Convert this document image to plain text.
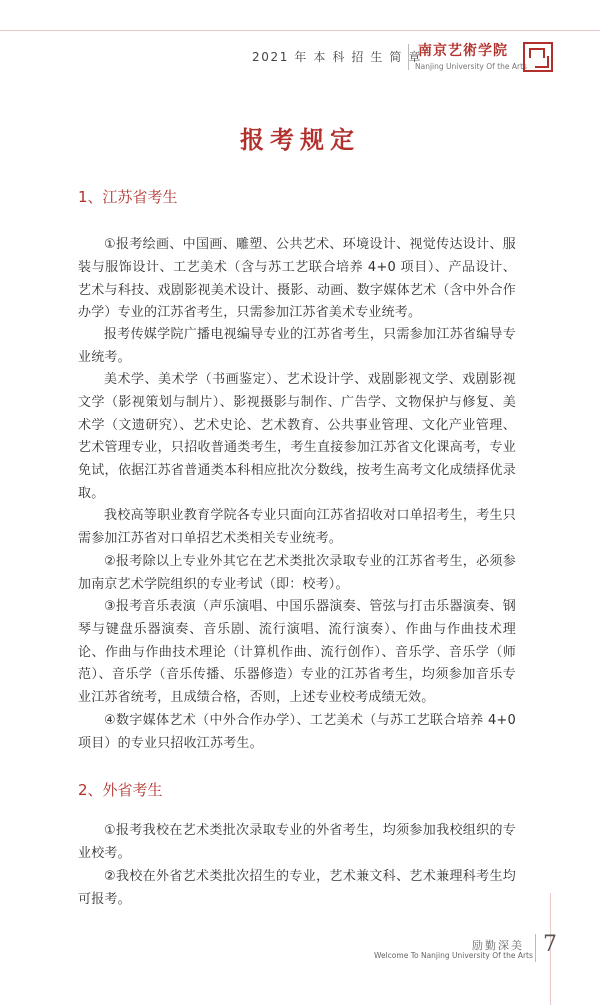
2021 年 本 科 招 生 简 章
南京艺術学院
Nanjing University Of the Arts
报考规定
1、江苏省考生

①报考绘画、中国画、雕塑、公共艺术、环境设计、视觉传达设计、服装与服饰设计、工艺美术（含与苏工艺联合培养 4+0 项目）、产品设计、艺术与科技、戏剧影视美术设计、摄影、动画、数字媒体艺术（含中外合作办学）专业的江苏省考生，只需参加江苏省美术专业统考。

报考传媒学院广播电视编导专业的江苏省考生，只需参加江苏省编导专业统考。

美术学、美术学（书画鉴定）、艺术设计学、戏剧影视文学、戏剧影视文学（影视策划与制片）、影视摄影与制作、广告学、文物保护与修复、美术学（文遗研究）、艺术史论、艺术教育、公共事业管理、文化产业管理、艺术管理专业，只招收普通类考生，考生直接参加江苏省文化课高考，专业免试，依据江苏省普通类本科相应批次分数线，按考生高考文化成绩择优录取。

我校高等职业教育学院各专业只面向江苏省招收对口单招考生，考生只需参加江苏省对口单招艺术类相关专业统考。

②报考除以上专业外其它在艺术类批次录取专业的江苏省考生，必须参加南京艺术学院组织的专业考试（即：校考）。

③报考音乐表演（声乐演唱、中国乐器演奏、管弦与打击乐器演奏、钢琴与键盘乐器演奏、音乐剧、流行演唱、流行演奏）、作曲与作曲技术理论、作曲与作曲技术理论（计算机作曲、流行创作）、音乐学、音乐学（师范）、音乐学（音乐传播、乐器修造）专业的江苏省考生，均须参加音乐专业江苏省统考，且成绩合格，否则，上述专业校考成绩无效。

④数字媒体艺术（中外合作办学）、工艺美术（与苏工艺联合培养 4+0 项目）的专业只招收江苏考生。

2、外省考生

①报考我校在艺术类批次录取专业的外省考生，均须参加我校组织的专业校考。

②我校在外省艺术类批次招生的专业，艺术兼文科、艺术兼理科考生均可报考。

励勤深美
Welcome To Nanjing University Of the Arts 7
